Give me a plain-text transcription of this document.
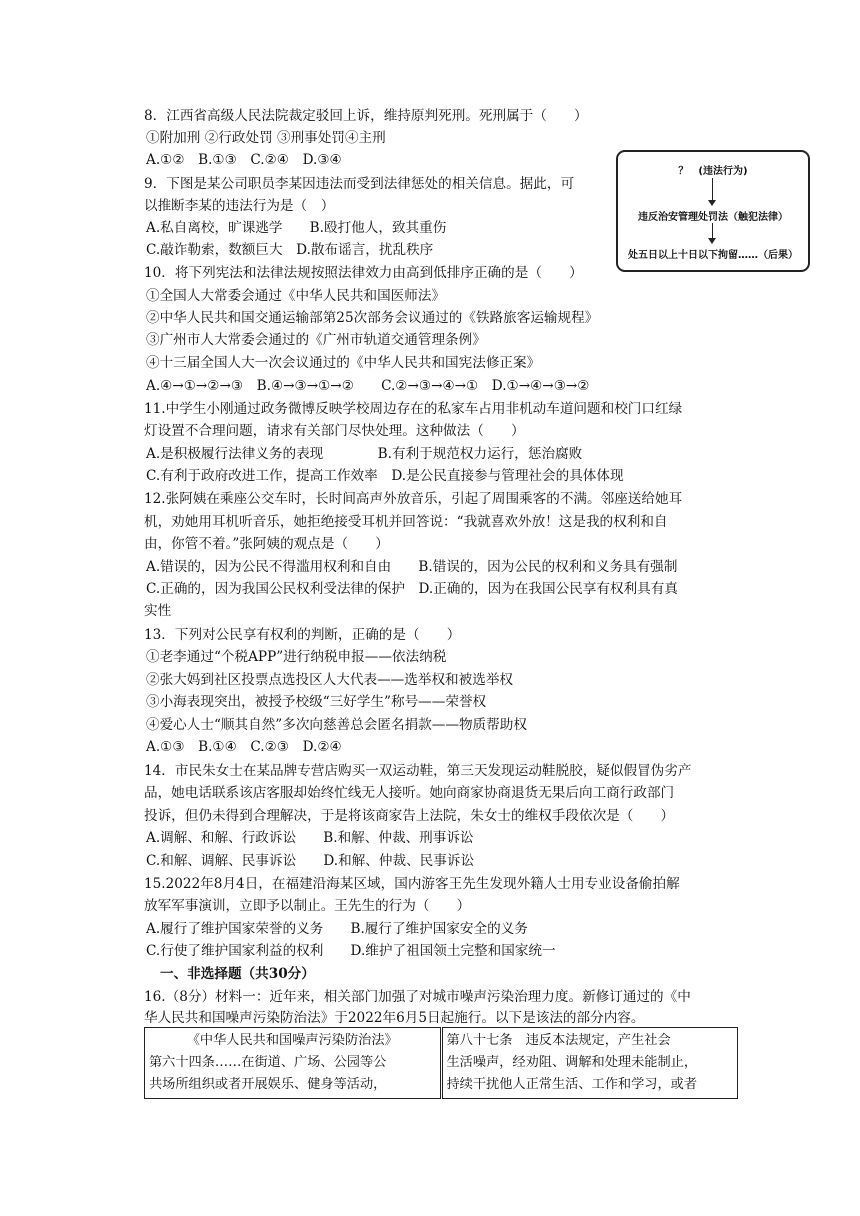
8．江西省高级人民法院裁定驳回上诉，维持原判死刑。死刑属于（　　）
①附加刑 ②行政处罚 ③刑事处罚④主刑
A.①②　B.①③　C.②④　D.③④
9．下图是某公司职员李某因违法而受到法律惩处的相关信息。据此，可
以推断李某的违法行为是（　）
A.私自离校，旷课逃学　　B.殴打他人，致其重伤
C.敲诈勒索，数额巨大　D.散布谣言，扰乱秩序
？　(违法行为)
违反治安管理处罚法（触犯法律）
处五日以上十日以下拘留……（后果）
10．将下列宪法和法律法规按照法律效力由高到低排序正确的是（　　）
①全国人大常委会通过《中华人民共和国医师法》
②中华人民共和国交通运输部第25次部务会议通过的《铁路旅客运输规程》
③广州市人大常委会通过的《广州市轨道交通管理条例》
④十三届全国人大一次会议通过的《中华人民共和国宪法修正案》
A.④→①→②→③　B.④→③→①→②　　C.②→③→④→①　D.①→④→③→②
11.中学生小刚通过政务微博反映学校周边存在的私家车占用非机动车道问题和校门口红绿
灯设置不合理问题，请求有关部门尽快处理。这种做法（　　）
A.是积极履行法律义务的表现　　　　B.有利于规范权力运行，惩治腐败
C.有利于政府改进工作，提高工作效率　D.是公民直接参与管理社会的具体体现
12.张阿姨在乘座公交车时，长时间高声外放音乐，引起了周围乘客的不满。邻座送给她耳
机，劝她用耳机听音乐，她拒绝接受耳机并回答说：“我就喜欢外放！这是我的权利和自
由，你管不着。”张阿姨的观点是（　　）
A.错误的，因为公民不得滥用权利和自由　　B.错误的，因为公民的权利和义务具有强制
C.正确的，因为我国公民权利受法律的保护　D.正确的，因为在我国公民享有权利具有真
实性
13．下列对公民享有权利的判断，正确的是（　　）
①老李通过“个税APP”进行纳税申报——依法纳税
②张大妈到社区投票点选投区人大代表——选举权和被选举权
③小海表现突出，被授予校级“三好学生”称号——荣誉权
④爱心人士“顺其自然”多次向慈善总会匿名捐款——物质帮助权
A.①③　B.①④　C.②③　D.②④
14．市民朱女士在某品牌专营店购买一双运动鞋，第三天发现运动鞋脱胶，疑似假冒伪劣产
品，她电话联系该店客服却始终忙线无人接听。她向商家协商退货无果后向工商行政部门
投诉，但仍未得到合理解决，于是将该商家告上法院，朱女士的维权手段依次是（　　）
A.调解、和解、行政诉讼　　B.和解、仲裁、刑事诉讼
C.和解、调解、民事诉讼　　D.和解、仲裁、民事诉讼
15.2022年8月4日，在福建沿海某区域，国内游客王先生发现外籍人士用专业设备偷拍解
放军军事演训，立即予以制止。王先生的行为（　　）
A.履行了维护国家荣誉的义务　　B.履行了维护国家安全的义务
C.行使了维护国家利益的权利　　D.维护了祖国领土完整和国家统一
一、非选择题（共30分）
16.（8分）材料一：近年来，相关部门加强了对城市噪声污染治理力度。新修订通过的《中
华人民共和国噪声污染防治法》于2022年6月5日起施行。以下是该法的部分内容。
《中华人民共和国噪声污染防治法》
第六十四条……在街道、广场、公园等公
共场所组织或者开展娱乐、健身等活动，

第八十七条　违反本法规定，产生社会
生活噪声，经劝阻、调解和处理未能制止，
持续干扰他人正常生活、工作和学习，或者
